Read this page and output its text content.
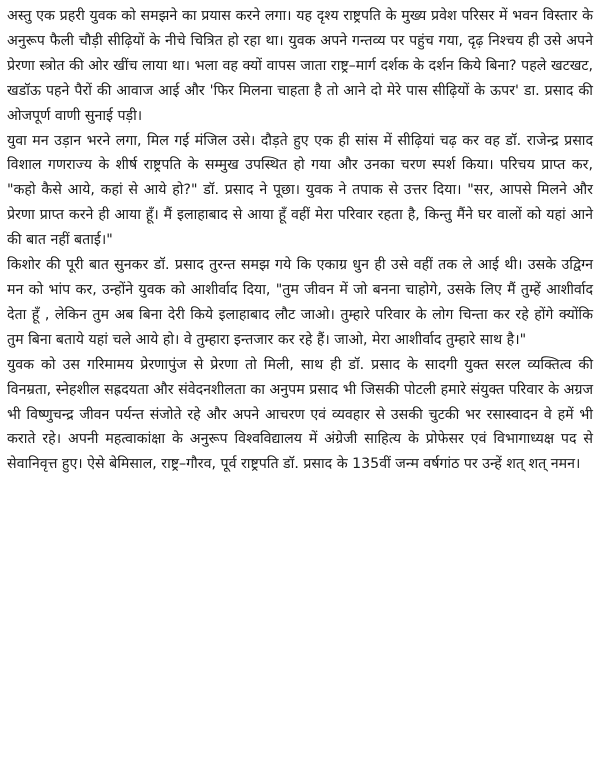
अस्तु एक प्रहरी युवक को समझने का प्रयास करने लगा। यह दृश्य राष्ट्रपति के मुख्य प्रवेश परिसर में भवन विस्तार के अनुरूप फैली चौड़ी सीढ़ियों के नीचे चित्रित हो रहा था। युवक अपने गन्तव्य पर पहुंच गया, दृढ़ निश्चय ही उसे अपने प्रेरणा स्त्रोत की ओर खींच लाया था। भला वह क्यों वापस जाता राष्ट्र–मार्ग दर्शक के दर्शन किये बिना? पहले खटखट, खडॉऊ पहने पैरों की आवाज आई और 'फिर मिलना चाहता है तो आने दो मेरे पास सीढ़ियों के ऊपर' डा. प्रसाद की ओजपूर्ण वाणी सुनाई पड़ी।

युवा मन उड़ान भरने लगा, मिल गई मंजिल उसे। दौड़ते हुए एक ही सांस में सीढ़ियां चढ़ कर वह डॉ. राजेन्द्र प्रसाद विशाल गणराज्य के शीर्ष राष्ट्रपति के सम्मुख उपस्थित हो गया और उनका चरण स्पर्श किया। परिचय प्राप्त कर, "कहो कैसे आये, कहां से आये हो?" डॉ. प्रसाद ने पूछा। युवक ने तपाक से उत्तर दिया। "सर, आपसे मिलने और प्रेरणा प्राप्त करने ही आया हूँ। मैं इलाहाबाद से आया हूँ वहीं मेरा परिवार रहता है, किन्तु मैंने घर वालों को यहां आने की बात नहीं बताई।"

किशोर की पूरी बात सुनकर डॉ. प्रसाद तुरन्त समझ गये कि एकाग्र धुन ही उसे वहीं तक ले आई थी। उसके उद्विग्न मन को भांप कर, उन्होंने युवक को आशीर्वाद दिया, "तुम जीवन में जो बनना चाहोगे, उसके लिए मैं तुम्हें आशीर्वाद देता हूँ , लेकिन तुम अब बिना देरी किये इलाहाबाद लौट जाओ। तुम्हारे परिवार के लोग चिन्ता कर रहे होंगे क्योंकि तुम बिना बताये यहां चले आये हो। वे तुम्हारा इन्तजार कर रहे हैं। जाओ, मेरा आशीर्वाद तुम्हारे साथ है।"

युवक को उस गरिमामय प्रेरणापुंज से प्रेरणा तो मिली, साथ ही डॉ. प्रसाद के सादगी युक्त सरल व्यक्तित्व की विनम्रता, स्नेहशील सह्रदयता और संवेदनशीलता का अनुपम प्रसाद भी जिसकी पोटली हमारे संयुक्त परिवार के अग्रज भी विष्णुचन्द्र जीवन पर्यन्त संजोते रहे और अपने आचरण एवं व्यवहार से उसकी चुटकी भर रसास्वादन वे हमें भी कराते रहे। अपनी महत्वाकांक्षा के अनुरूप विश्वविद्यालय में अंग्रेजी साहित्य के प्रोफेसर एवं विभागाध्यक्ष पद से सेवानिवृत्त हुए। ऐसे बेमिसाल, राष्ट्र–गौरव, पूर्व राष्ट्रपति डॉ. प्रसाद के 135वीं जन्म वर्षगांठ पर उन्हें शत् शत् नमन।
